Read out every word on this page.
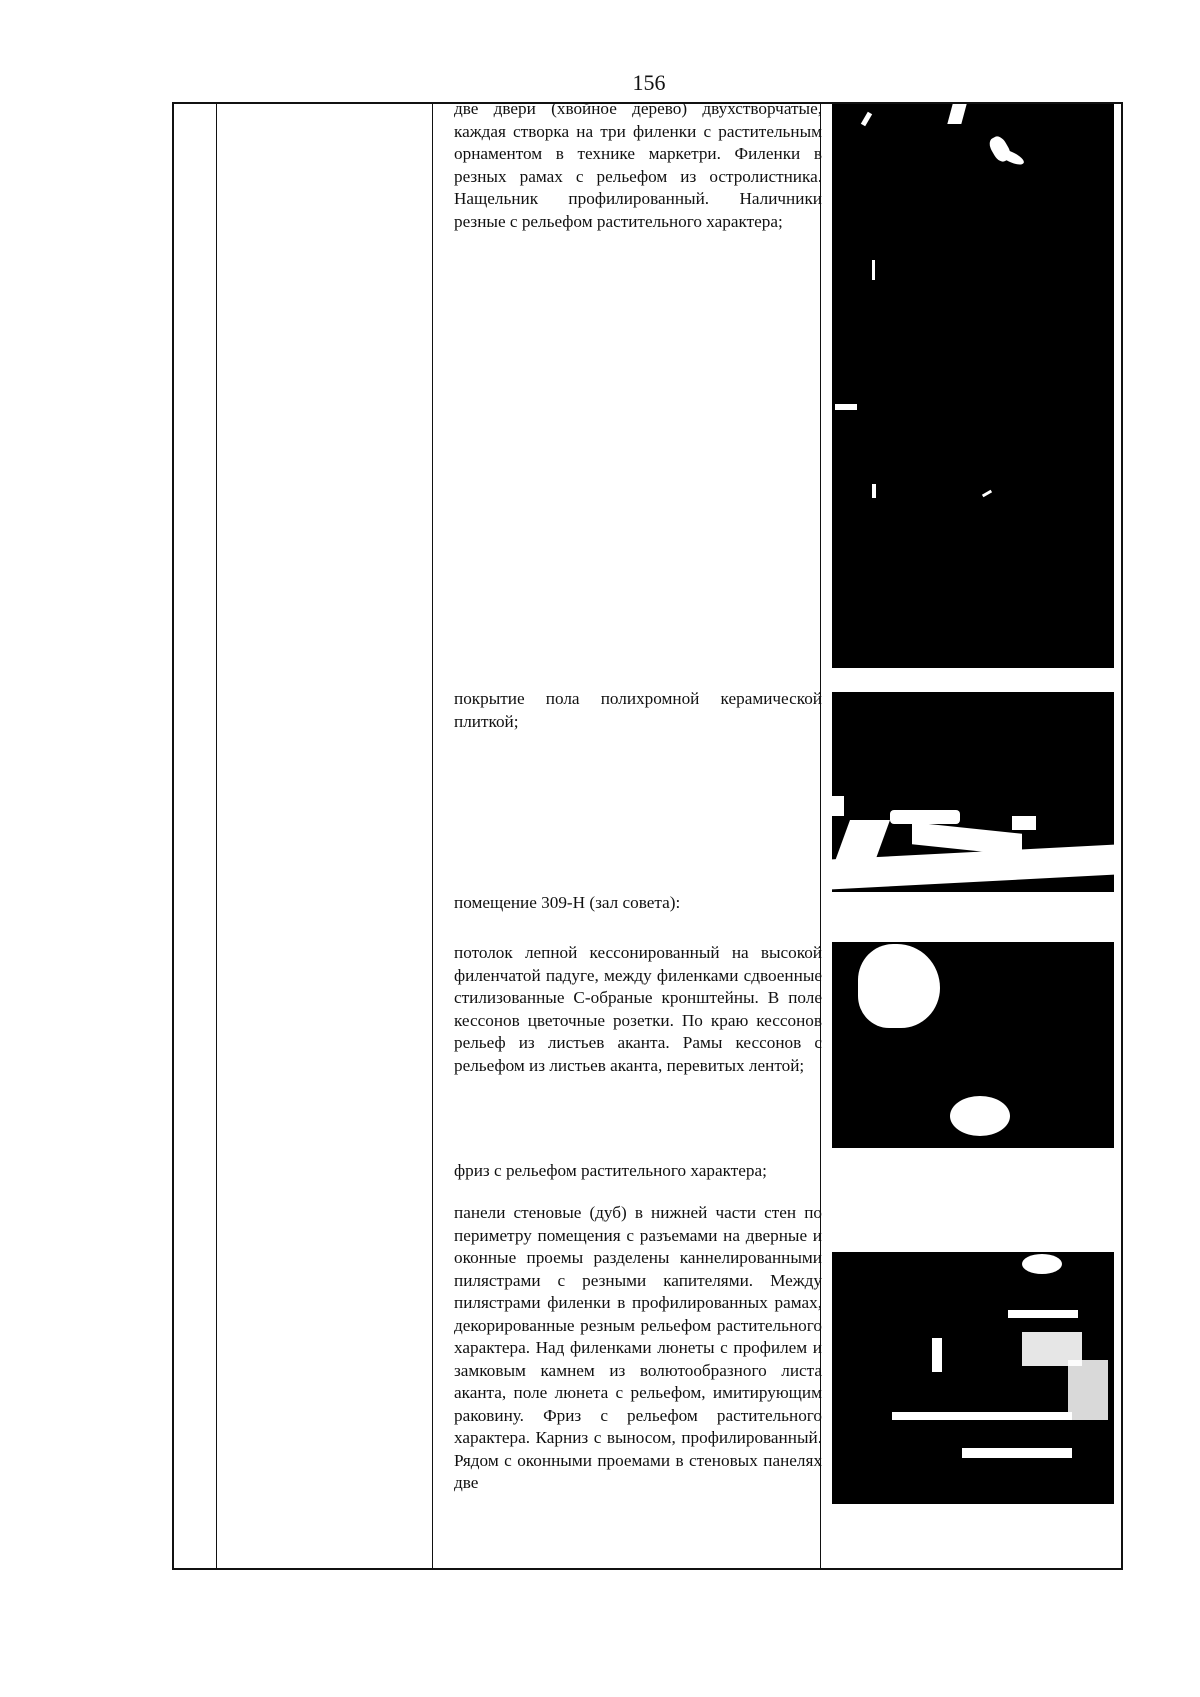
156

две двери (хвойное дерево) двухстворчатые, каждая створка на три филенки с растительным орнаментом в технике маркетри. Филенки в резных рамах с рельефом из остролистника. Нащельник профилированный. Наличники резные с рельефом растительного характера;

покрытие пола полихромной керамической плиткой;

помещение 309-Н (зал совета):

потолок лепной кессонированный на высокой филенчатой падуге, между филенками сдвоенные стилизованные С-обраные кронштейны. В поле кессонов цветочные розетки. По краю кессонов рельеф из листьев аканта. Рамы кессонов с рельефом из листьев аканта, перевитых лентой;

фриз с рельефом растительного характера;

панели стеновые (дуб) в нижней части стен по периметру помещения с разъемами на дверные и оконные проемы разделены каннелированными пилястрами с резными капителями. Между пилястрами филенки в профилированных рамах, декорированные резным рельефом растительного характера. Над филенками люнеты с профилем и замковым камнем из волютообразного листа аканта, поле люнета с рельефом, имитирующим раковину. Фриз с рельефом растительного характера. Карниз с выносом, профилированный. Рядом с оконными проемами в стеновых панелях две
